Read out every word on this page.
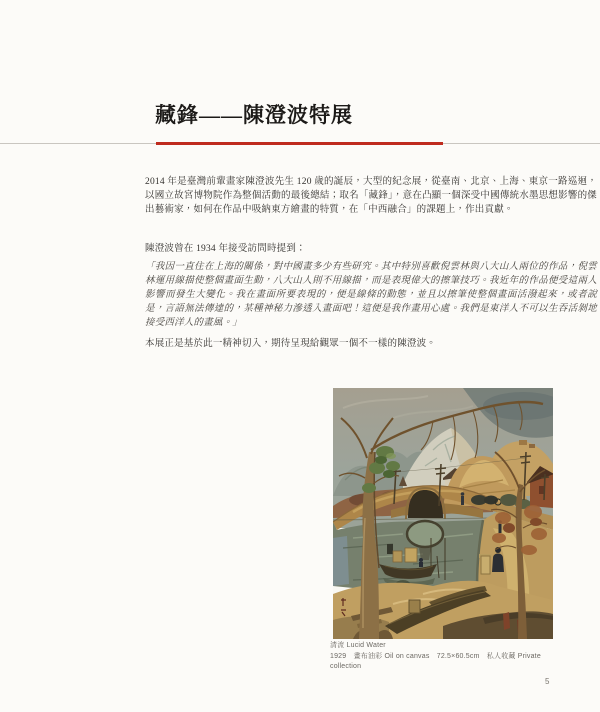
藏鋒——陳澄波特展

2014 年是臺灣前輩畫家陳澄波先生 120 歲的誕辰，大型的紀念展，從臺南、北京、上海、東京一路巡迴，以國立故宮博物院作為整個活動的最後總結；取名「藏鋒」，意在凸顯一個深受中國傳統水墨思想影響的傑出藝術家，如何在作品中吸納東方繪畫的特質，在「中西融合」的課題上，作出貢獻。

陳澄波曾在 1934 年接受訪問時提到：

「我因一直住在上海的關係，對中國畫多少有些研究。其中特別喜歡倪雲林與八大山人兩位的作品，倪雲林運用線描使整個畫面生動，八大山人則不用線描，而是表現偉大的擦筆技巧。我近年的作品便受這兩人影響而發生大變化。我在畫面所要表現的，便是線條的動態，並且以擦筆使整個畫面活潑起來，或者說是，言語無法傳達的，某種神秘力滲透入畫面吧！這便是我作畫用心處。我們是東洋人不可以生吞活剝地接受西洋人的畫風。」

本展正是基於此一精神切入，期待呈現給觀眾一個不一樣的陳澄波。

清流 Lucid Water
1929　畫布油彩 Oil on canvas　72.5×60.5cm　私人收藏 Private collection
5
